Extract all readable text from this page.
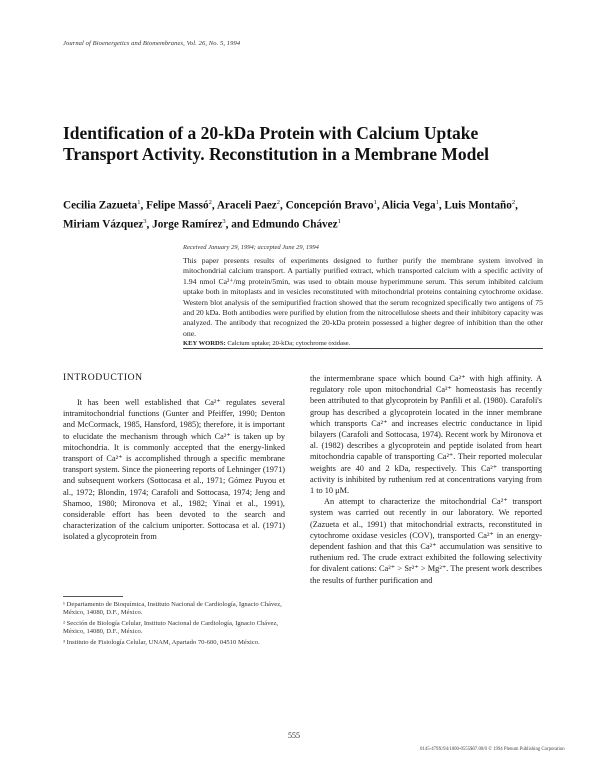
Journal of Bioenergetics and Biomembranes, Vol. 26, No. 5, 1994
Identification of a 20-kDa Protein with Calcium Uptake Transport Activity. Reconstitution in a Membrane Model
Cecilia Zazueta$^1$, Felipe Massó$^2$, Araceli Paez$^2$, Concepción Bravo$^1$, Alicia Vega$^1$, Luis Montaño$^2$, Miriam Vázquez$^3$, Jorge Ramírez$^3$, and Edmundo Chávez$^1$
Received January 29, 1994; accepted June 29, 1994
This paper presents results of experiments designed to further purify the membrane system involved in mitochondrial calcium transport. A partially purified extract, which transported calcium with a specific activity of 1.94 nmol Ca²⁺/mg protein/5min, was used to obtain mouse hyperimmune serum. This serum inhibited calcium uptake both in mitoplasts and in vesicles reconstituted with mitochondrial proteins containing cytochrome oxidase. Western blot analysis of the semipurified fraction showed that the serum recognized specifically two antigens of 75 and 20 kDa. Both antibodies were purified by elution from the nitrocellulose sheets and their inhibitory capacity was analyzed. The antibody that recognized the 20-kDa protein possessed a higher degree of inhibition than the other one.
KEY WORDS: Calcium uptake; 20-kDa; cytochrome oxidase.
INTRODUCTION

It has been well established that Ca²⁺ regulates several intramitochondrial functions (Gunter and Pfeiffer, 1990; Denton and McCormack, 1985, Hansford, 1985); therefore, it is important to elucidate the mechanism through which Ca²⁺ is taken up by mitochondria. It is commonly accepted that the energy-linked transport of Ca²⁺ is accomplished through a specific membrane transport system. Since the pioneering reports of Lehninger (1971) and subsequent workers (Sottocasa et al., 1971; Gómez Puyou et al., 1972; Blondin, 1974; Carafoli and Sottocasa, 1974; Jeng and Shamoo, 1980; Mironova et al., 1982; Yinai et al., 1991), considerable effort has been devoted to the search and characterization of the calcium uniporter. Sottocasa et al. (1971) isolated a glycoprotein from

the intermembrane space which bound Ca²⁺ with high affinity. A regulatory role upon mitochondrial Ca²⁺ homeostasis has recently been attributed to that glycoprotein by Panfili et al. (1980). Carafoli's group has described a glycoprotein located in the inner membrane which transports Ca²⁺ and increases electric conductance in lipid bilayers (Carafoli and Sottocasa, 1974). Recent work by Mironova et al. (1982) describes a glycoprotein and peptide isolated from heart mitochondria capable of transporting Ca²⁺. Their reported molecular weights are 40 and 2 kDa, respectively. This Ca²⁺ transporting activity is inhibited by ruthenium red at concentrations varying from 1 to 10 μM.

An attempt to characterize the mitochondrial Ca²⁺ transport system was carried out recently in our laboratory. We reported (Zazueta et al., 1991) that mitochondrial extracts, reconstituted in cytochrome oxidase vesicles (COV), transported Ca²⁺ in an energy-dependent fashion and that this Ca²⁺ accumulation was sensitive to ruthenium red. The crude extract exhibited the following selectivity for divalent cations: Ca²⁺ > Sr²⁺ > Mg²⁺. The present work describes the results of further purification and

¹ Departamento de Bioquímica, Instituto Nacional de Cardiología, Ignacio Chávez, México, 14080, D.F., México.
² Sección de Biología Celular, Instituto Nacional de Cardiología, Ignacio Chávez, México, 14080, D.F., México.
³ Instituto de Fisiología Celular, UNAM, Apartado 70-600, 04510 México.
555
0145-479X/94/1000-0555$07.00/0 © 1994 Plenum Publishing Corporation
